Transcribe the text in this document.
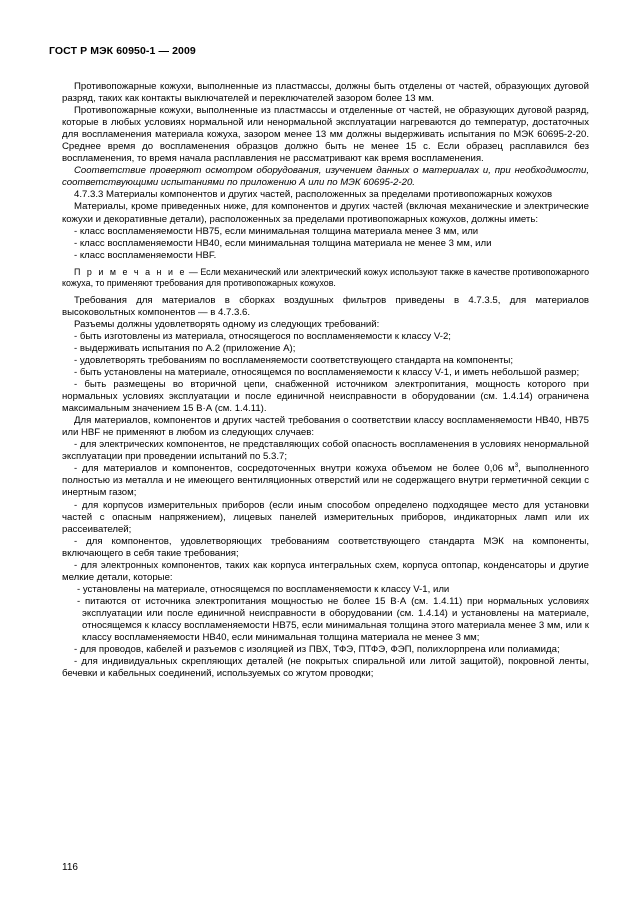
ГОСТ Р МЭК 60950-1 — 2009

Противопожарные кожухи, выполненные из пластмассы, должны быть отделены от частей, образующих дуговой разряд, таких как контакты выключателей и переключателей зазором более 13 мм.

Противопожарные кожухи, выполненные из пластмассы и отделенные от частей, не образующих дуговой разряд, которые в любых условиях нормальной или ненормальной эксплуатации нагреваются до температур, достаточных для воспламенения материала кожуха, зазором менее 13 мм должны выдерживать испытания по МЭК 60695-2-20. Среднее время до воспламенения образцов должно быть не менее 15 с. Если образец расплавился без воспламенения, то время начала расплавления не рассматривают как время воспламенения.

Соответствие проверяют осмотром оборудования, изучением данных о материалах и, при необходимости, соответствующими испытаниями по приложению А или по МЭК 60695-2-20.

4.7.3.3 Материалы компонентов и других частей, расположенных за пределами противопожарных кожухов

Материалы, кроме приведенных ниже, для компонентов и других частей (включая механические и электрические кожухи и декоративные детали), расположенных за пределами противопожарных кожухов, должны иметь:

- класс воспламеняемости HB75, если минимальная толщина материала менее 3 мм, или

- класс воспламеняемости HB40, если минимальная толщина материала не менее 3 мм, или

- класс воспламеняемости HBF.

П р и м е ч а н и е — Если механический или электрический кожух используют также в качестве противопожарного кожуха, то применяют требования для противопожарных кожухов.

Требования для материалов в сборках воздушных фильтров приведены в 4.7.3.5, для материалов высоковольтных компонентов — в 4.7.3.6.

Разъемы должны удовлетворять одному из следующих требований:

- быть изготовлены из материала, относящегося по воспламеняемости к классу V-2;

- выдерживать испытания по А.2 (приложение А);

- удовлетворять требованиям по воспламеняемости соответствующего стандарта на компоненты;

- быть установлены на материале, относящемся по воспламеняемости к классу V-1, и иметь небольшой размер;

- быть размещены во вторичной цепи, снабженной источником электропитания, мощность которого при нормальных условиях эксплуатации и после единичной неисправности в оборудовании (см. 1.4.14) ограничена максимальным значением 15 В·А (см. 1.4.11).

Для материалов, компонентов и других частей требования о соответствии классу воспламеняемости HB40, HB75 или HBF не применяют в любом из следующих случаев:

- для электрических компонентов, не представляющих собой опасность воспламенения в условиях ненормальной эксплуатации при проведении испытаний по 5.3.7;

- для материалов и компонентов, сосредоточенных внутри кожуха объемом не более 0,06 $м^3$, выполненного полностью из металла и не имеющего вентиляционных отверстий или не содержащего внутри герметичной секции с инертным газом;

- для корпусов измерительных приборов (если иным способом определено подходящее место для установки частей с опасным напряжением), лицевых панелей измерительных приборов, индикаторных ламп или их рассеивателей;

- для компонентов, удовлетворяющих требованиям соответствующего стандарта МЭК на компоненты, включающего в себя такие требования;

- для электронных компонентов, таких как корпуса интегральных схем, корпуса оптопар, конденсаторы и другие мелкие детали, которые:

- установлены на материале, относящемся по воспламеняемости к классу V-1, или

- питаются от источника электропитания мощностью не более 15 В·А (см. 1.4.11) при нормальных условиях эксплуатации или после единичной неисправности в оборудовании (см. 1.4.14) и установлены на материале, относящемся к классу воспламеняемости HB75, если минимальная толщина этого материала менее 3 мм, или к классу воспламеняемости HB40, если минимальная толщина материала не менее 3 мм;

- для проводов, кабелей и разъемов с изоляцией из ПВХ, ТФЭ, ПТФЭ, ФЭП, полихлорпрена или полиамида;

- для индивидуальных скрепляющих деталей (не покрытых спиральной или литой защитой), покровной ленты, бечевки и кабельных соединений, используемых со жгутом проводки;

116
